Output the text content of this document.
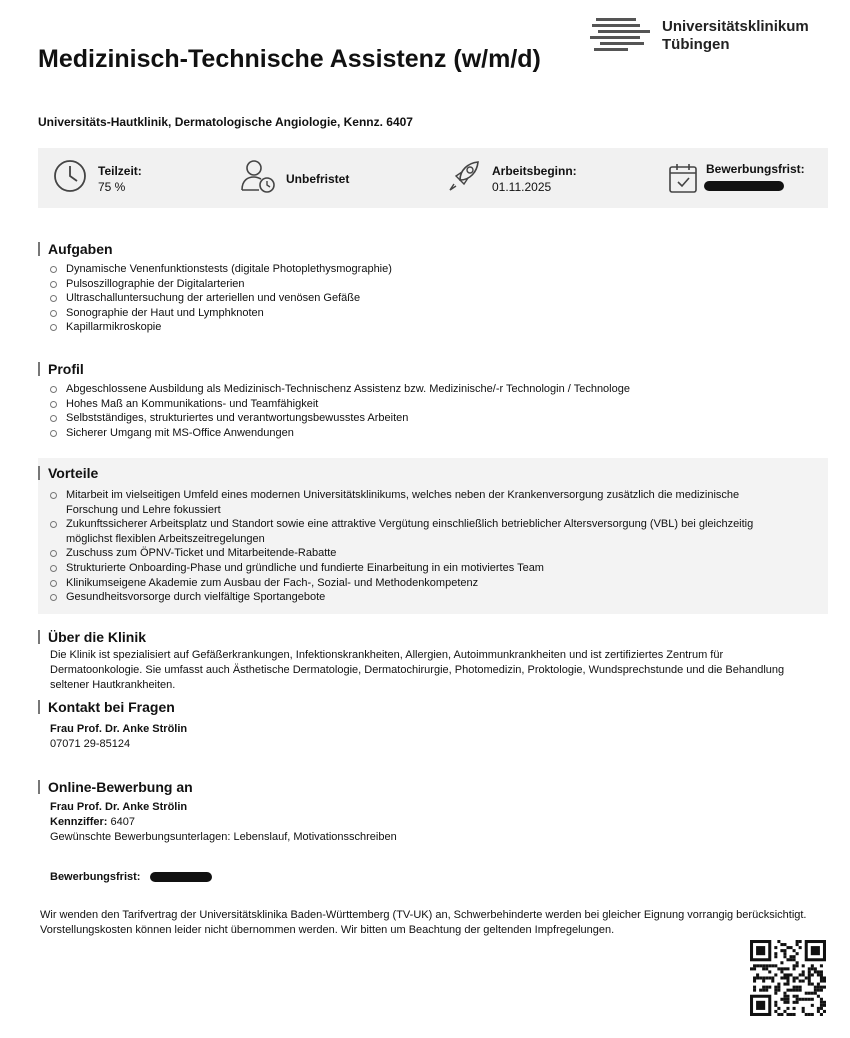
Universitätsklinikum
Tübingen
Medizinisch-Technische Assistenz (w/m/d)
Universitäts-Hautklinik, Dermatologische Angiologie, Kennz. 6407
Teilzeit:
75 %
Unbefristet
Arbeitsbeginn:
01.11.2025
Bewerbungsfrist:
Aufgaben
Dynamische Venenfunktionstests (digitale Photoplethysmographie)
Pulsoszillographie der Digitalarterien
Ultraschalluntersuchung der arteriellen und venösen Gefäße
Sonographie der Haut und Lymphknoten
Kapillarmikroskopie
Profil
Abgeschlossene Ausbildung als Medizinisch-Technischenz Assistenz bzw. Medizinische/-r Technologin / Technologe
Hohes Maß an Kommunikations- und Teamfähigkeit
Selbstständiges, strukturiertes und verantwortungsbewusstes Arbeiten
Sicherer Umgang mit MS-Office Anwendungen
Vorteile
Mitarbeit im vielseitigen Umfeld eines modernen Universitätsklinikums, welches neben der Krankenversorgung zusätzlich die medizinische Forschung und Lehre fokussiert
Zukunftssicherer Arbeitsplatz und Standort sowie eine attraktive Vergütung einschließlich betrieblicher Altersversorgung (VBL) bei gleichzeitig möglichst flexiblen Arbeitszeitregelungen
Zuschuss zum ÖPNV-Ticket und Mitarbeitende-Rabatte
Strukturierte Onboarding-Phase und gründliche und fundierte Einarbeitung in ein motiviertes Team
Klinikumseigene Akademie zum Ausbau der Fach-, Sozial- und Methodenkompetenz
Gesundheitsvorsorge durch vielfältige Sportangebote
Über die Klinik

Die Klinik ist spezialisiert auf Gefäßerkrankungen, Infektionskrankheiten, Allergien, Autoimmunkrankheiten und ist zertifiziertes Zentrum für Dermatoonkologie. Sie umfasst auch Ästhetische Dermatologie, Dermatochirurgie, Photomedizin, Proktologie, Wundsprechstunde und die Behandlung seltener Hautkrankheiten.

Kontakt bei Fragen
Frau Prof. Dr. Anke Strölin
07071 29-85124
Online-Bewerbung an
Frau Prof. Dr. Anke Strölin
Kennziffer: 6407
Gewünschte Bewerbungsunterlagen: Lebenslauf, Motivationsschreiben
Bewerbungsfrist:

Wir wenden den Tarifvertrag der Universitätsklinika Baden-Württemberg (TV-UK) an, Schwerbehinderte werden bei gleicher Eignung vorrangig berücksichtigt. Vorstellungskosten können leider nicht übernommen werden. Wir bitten um Beachtung der geltenden Impfregelungen.
